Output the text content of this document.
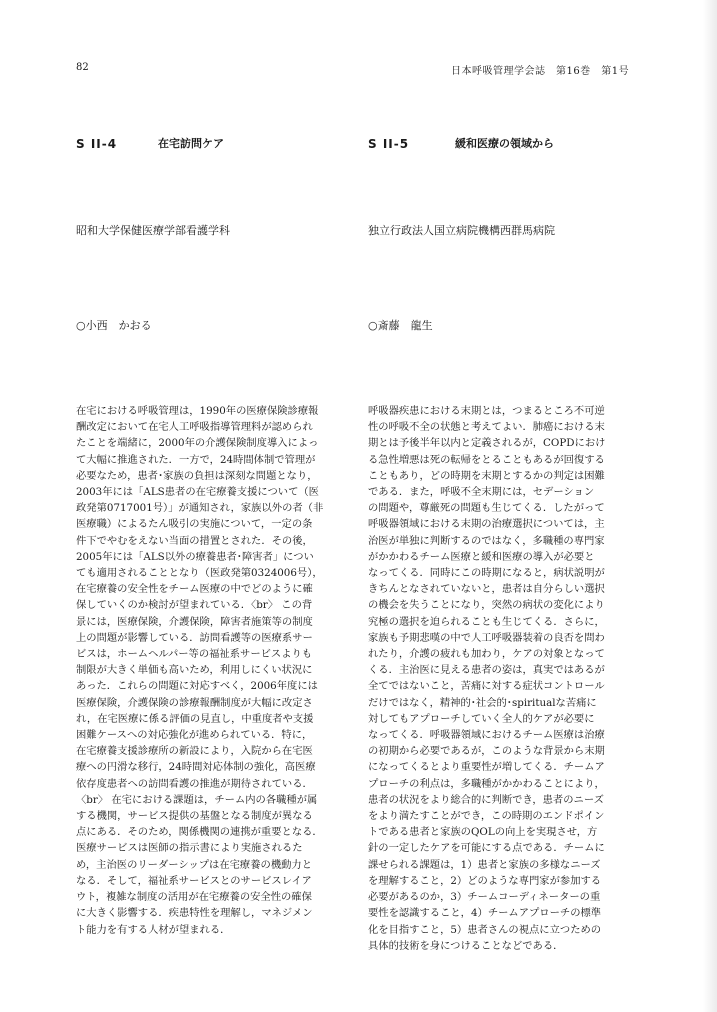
82	日本呼吸管理学会誌　第16巻　第1号
S II-4	在宅訪問ケア
昭和大学保健医療学部看護学科
○小西　かおる
在宅における呼吸管理は，1990年の医療保険診療報
酬改定において在宅人工呼吸指導管理料が認められ
たことを端緒に，2000年の介護保険制度導入によっ
て大幅に推進された．一方で，24時間体制で管理が
必要なため，患者･家族の負担は深刻な問題となり，
2003年には「ALS患者の在宅療養支援について（医
政発第0717001号）」が通知され，家族以外の者（非
医療職）によるたん吸引の実施について，一定の条
件下でやむをえない当面の措置とされた．その後，
2005年には「ALS以外の療養患者･障害者」につい
ても適用されることとなり（医政発第0324006号），
在宅療養の安全性をチーム医療の中でどのように確
保していくのか検討が望まれている．〈br〉 この背
景には，医療保険，介護保険，障害者施策等の制度
上の問題が影響している．訪問看護等の医療系サー
ビスは，ホームヘルパー等の福祉系サービスよりも
制限が大きく単価も高いため，利用しにくい状況に
あった．これらの問題に対応すべく，2006年度には
医療保険，介護保険の診療報酬制度が大幅に改定さ
れ，在宅医療に係る評価の見直し，中重度者や支援
困難ケースへの対応強化が進められている．特に，
在宅療養支援診療所の新設により，入院から在宅医
療への円滑な移行，24時間対応体制の強化，高医療
依存度患者への訪問看護の推進が期待されている．
〈br〉 在宅における課題は，チーム内の各職種が属
する機関，サービス提供の基盤となる制度が異なる
点にある．そのため，関係機関の連携が重要となる．
医療サービスは医師の指示書により実施されるた
め，主治医のリーダーシップは在宅療養の機動力と
なる．そして，福祉系サービスとのサービスレイア
ウト，複雑な制度の活用が在宅療養の安全性の確保
に大きく影響する．疾患特性を理解し，マネジメン
ト能力を有する人材が望まれる．
S II-5	緩和医療の領域から
独立行政法人国立病院機構西群馬病院
○斎藤　龍生
呼吸器疾患における末期とは，つまるところ不可逆
性の呼吸不全の状態と考えてよい．肺癌における末
期とは予後半年以内と定義されるが，COPDにおけ
る急性増悪は死の転帰をとることもあるが回復する
こともあり，どの時期を末期とするかの判定は困難
である．また，呼吸不全末期には，セデーション
の問題や，尊厳死の問題も生じてくる．したがって
呼吸器領域における末期の治療選択については，主
治医が単独に判断するのではなく，多職種の専門家
がかかわるチーム医療と緩和医療の導入が必要と
なってくる．同時にこの時期になると，病状説明が
きちんとなされていないと，患者は自分らしい選択
の機会を失うことになり，突然の病状の変化により
究極の選択を迫られることも生じてくる．さらに，
家族も予期悲嘆の中で人工呼吸器装着の良否を問わ
れたり，介護の疲れも加わり，ケアの対象となって
くる．主治医に見える患者の姿は，真実ではあるが
全てではないこと，苦痛に対する症状コントロール
だけではなく，精神的･社会的･spiritualな苦痛に
対してもアプローチしていく全人的ケアが必要に
なってくる．呼吸器領域におけるチーム医療は治療
の初期から必要であるが，このような背景から末期
になってくるとより重要性が増してくる．チームア
プローチの利点は，多職種がかかわることにより，
患者の状況をより総合的に判断でき，患者のニーズ
をより満たすことができ，この時期のエンドポイン
トである患者と家族のQOLの向上を実現させ，方
針の一定したケアを可能にする点である．チームに
課せられる課題は，1）患者と家族の多様なニーズ
を理解すること，2）どのような専門家が参加する
必要があるのか，3）チームコーディネーターの重
要性を認識すること，4）チームアプローチの標準
化を目指すこと，5）患者さんの視点に立つための
具体的技術を身につけることなどである．
